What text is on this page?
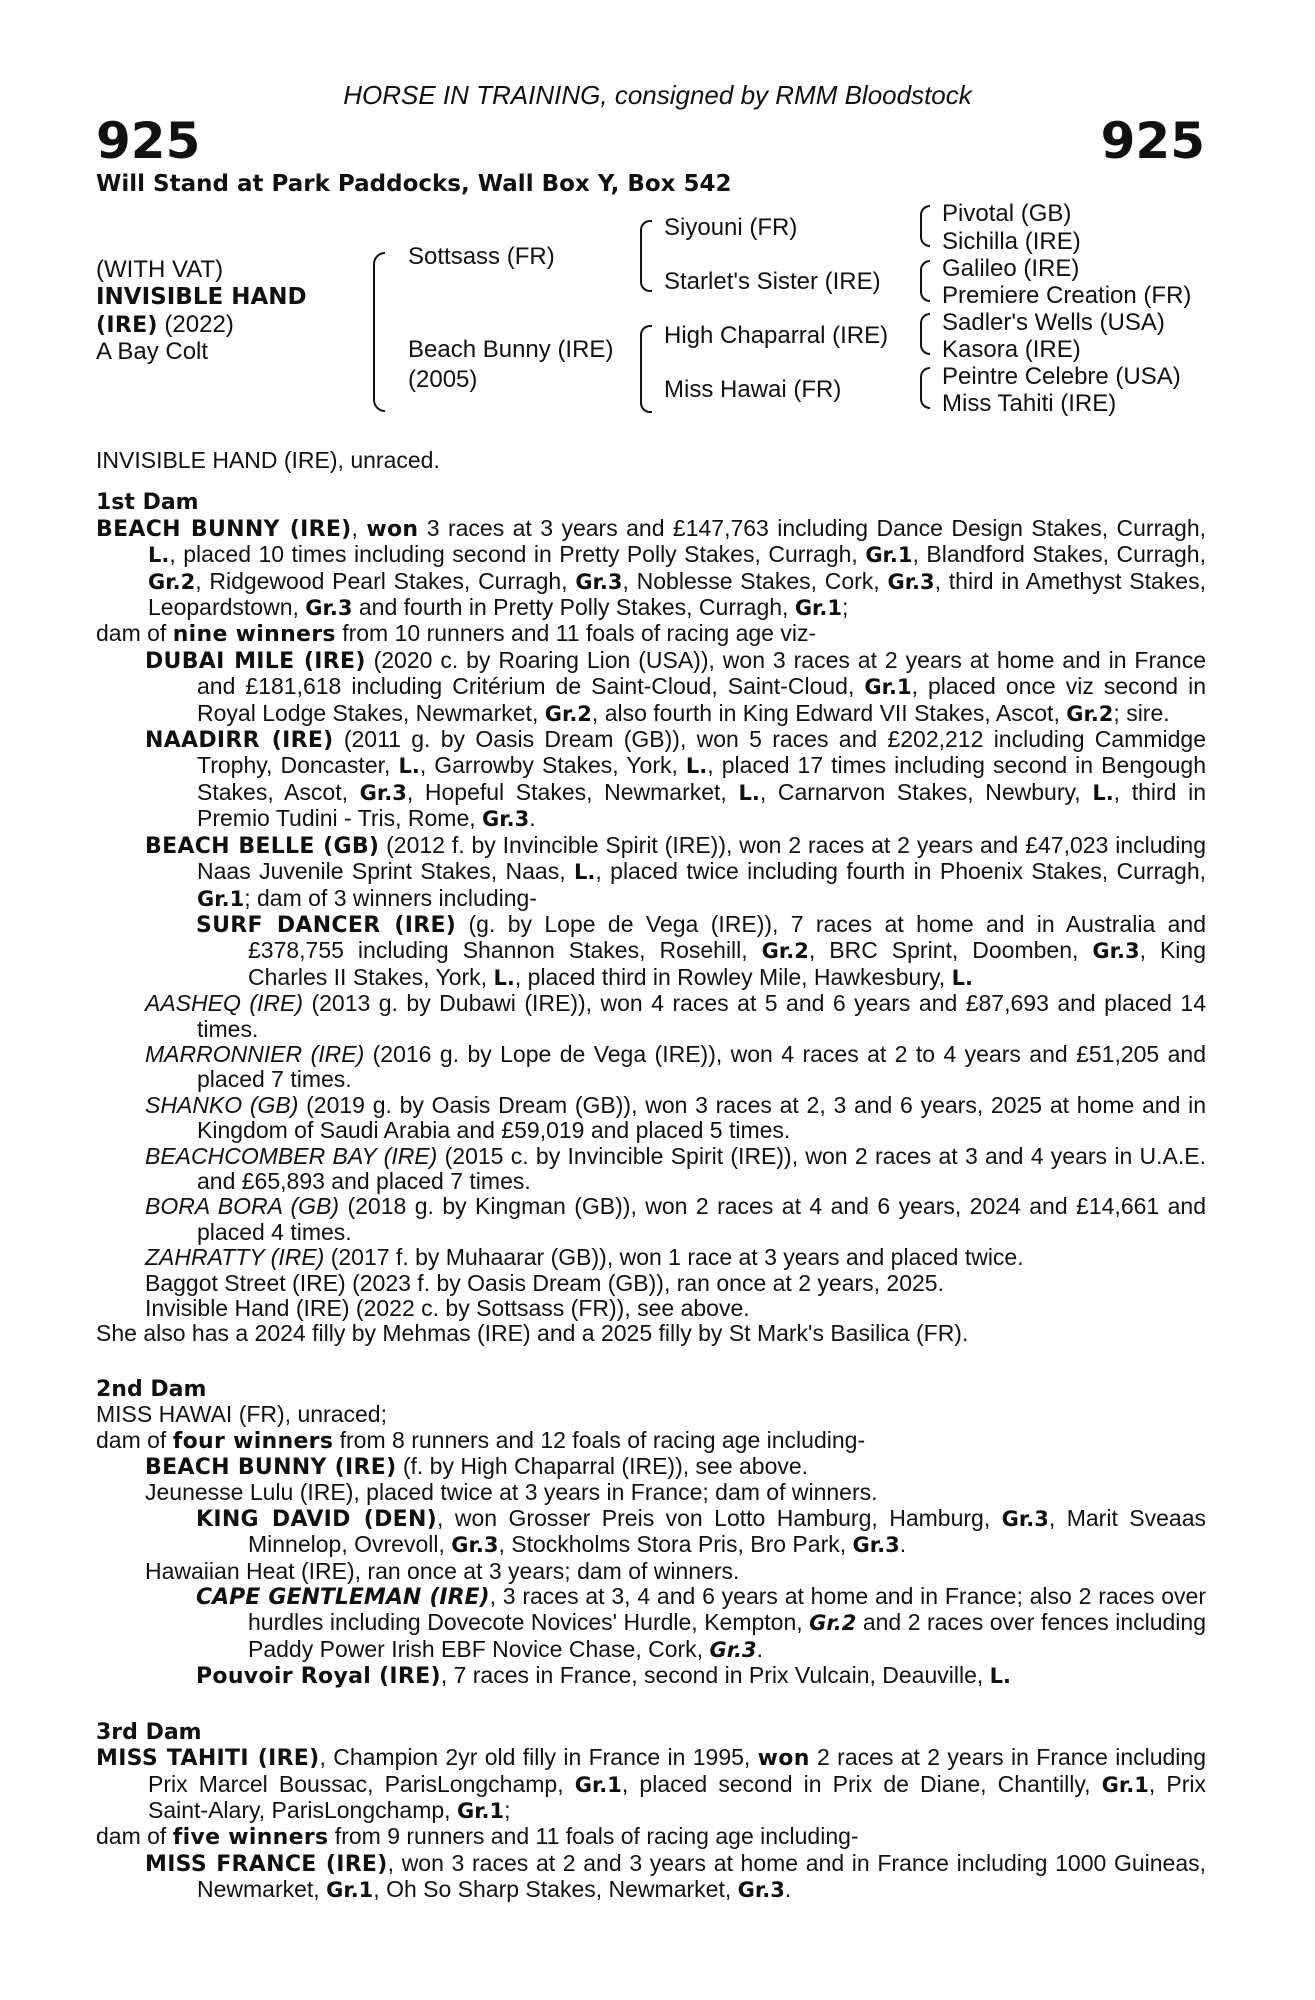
HORSE IN TRAINING, consigned by RMM Bloodstock
925	925
Will Stand at Park Paddocks, Wall Box Y, Box 542
(WITH VAT)
INVISIBLE HAND
(IRE) (2022)
A Bay Colt
Sottsass (FR)
Beach Bunny (IRE)
(2005)
Siyouni (FR)
Starlet's Sister (IRE)
High Chaparral (IRE)
Miss Hawai (FR)
Pivotal (GB)
Sichilla (IRE)
Galileo (IRE)
Premiere Creation (FR)
Sadler's Wells (USA)
Kasora (IRE)
Peintre Celebre (USA)
Miss Tahiti (IRE)

INVISIBLE HAND (IRE), unraced.

1st Dam

BEACH BUNNY (IRE), won 3 races at 3 years and £147,763 including Dance Design Stakes, Curragh, L., placed 10 times including second in Pretty Polly Stakes, Curragh, Gr.1, Blandford Stakes, Curragh, Gr.2, Ridgewood Pearl Stakes, Curragh, Gr.3, Noblesse Stakes, Cork, Gr.3, third in Amethyst Stakes, Leopardstown, Gr.3 and fourth in Pretty Polly Stakes, Curragh, Gr.1;

dam of nine winners from 10 runners and 11 foals of racing age viz-

DUBAI MILE (IRE) (2020 c. by Roaring Lion (USA)), won 3 races at 2 years at home and in France and £181,618 including Critérium de Saint-Cloud, Saint-Cloud, Gr.1, placed once viz second in Royal Lodge Stakes, Newmarket, Gr.2, also fourth in King Edward VII Stakes, Ascot, Gr.2; sire.

NAADIRR (IRE) (2011 g. by Oasis Dream (GB)), won 5 races and £202,212 including Cammidge Trophy, Doncaster, L., Garrowby Stakes, York, L., placed 17 times including second in Bengough Stakes, Ascot, Gr.3, Hopeful Stakes, Newmarket, L., Carnarvon Stakes, Newbury, L., third in Premio Tudini - Tris, Rome, Gr.3.

BEACH BELLE (GB) (2012 f. by Invincible Spirit (IRE)), won 2 races at 2 years and £47,023 including Naas Juvenile Sprint Stakes, Naas, L., placed twice including fourth in Phoenix Stakes, Curragh, Gr.1; dam of 3 winners including-

SURF DANCER (IRE) (g. by Lope de Vega (IRE)), 7 races at home and in Australia and £378,755 including Shannon Stakes, Rosehill, Gr.2, BRC Sprint, Doomben, Gr.3, King Charles II Stakes, York, L., placed third in Rowley Mile, Hawkesbury, L.

AASHEQ (IRE) (2013 g. by Dubawi (IRE)), won 4 races at 5 and 6 years and £87,693 and placed 14 times.

MARRONNIER (IRE) (2016 g. by Lope de Vega (IRE)), won 4 races at 2 to 4 years and £51,205 and placed 7 times.

SHANKO (GB) (2019 g. by Oasis Dream (GB)), won 3 races at 2, 3 and 6 years, 2025 at home and in Kingdom of Saudi Arabia and £59,019 and placed 5 times.

BEACHCOMBER BAY (IRE) (2015 c. by Invincible Spirit (IRE)), won 2 races at 3 and 4 years in U.A.E. and £65,893 and placed 7 times.

BORA BORA (GB) (2018 g. by Kingman (GB)), won 2 races at 4 and 6 years, 2024 and £14,661 and placed 4 times.

ZAHRATTY (IRE) (2017 f. by Muhaarar (GB)), won 1 race at 3 years and placed twice.

Baggot Street (IRE) (2023 f. by Oasis Dream (GB)), ran once at 2 years, 2025.

Invisible Hand (IRE) (2022 c. by Sottsass (FR)), see above.

She also has a 2024 filly by Mehmas (IRE) and a 2025 filly by St Mark's Basilica (FR).

2nd Dam

MISS HAWAI (FR), unraced;

dam of four winners from 8 runners and 12 foals of racing age including-

BEACH BUNNY (IRE) (f. by High Chaparral (IRE)), see above.

Jeunesse Lulu (IRE), placed twice at 3 years in France; dam of winners.

KING DAVID (DEN), won Grosser Preis von Lotto Hamburg, Hamburg, Gr.3, Marit Sveaas Minnelop, Ovrevoll, Gr.3, Stockholms Stora Pris, Bro Park, Gr.3.

Hawaiian Heat (IRE), ran once at 3 years; dam of winners.

CAPE GENTLEMAN (IRE), 3 races at 3, 4 and 6 years at home and in France; also 2 races over hurdles including Dovecote Novices' Hurdle, Kempton, Gr.2 and 2 races over fences including Paddy Power Irish EBF Novice Chase, Cork, Gr.3.

Pouvoir Royal (IRE), 7 races in France, second in Prix Vulcain, Deauville, L.

3rd Dam

MISS TAHITI (IRE), Champion 2yr old filly in France in 1995, won 2 races at 2 years in France including Prix Marcel Boussac, ParisLongchamp, Gr.1, placed second in Prix de Diane, Chantilly, Gr.1, Prix Saint-Alary, ParisLongchamp, Gr.1;

dam of five winners from 9 runners and 11 foals of racing age including-

MISS FRANCE (IRE), won 3 races at 2 and 3 years at home and in France including 1000 Guineas, Newmarket, Gr.1, Oh So Sharp Stakes, Newmarket, Gr.3.
